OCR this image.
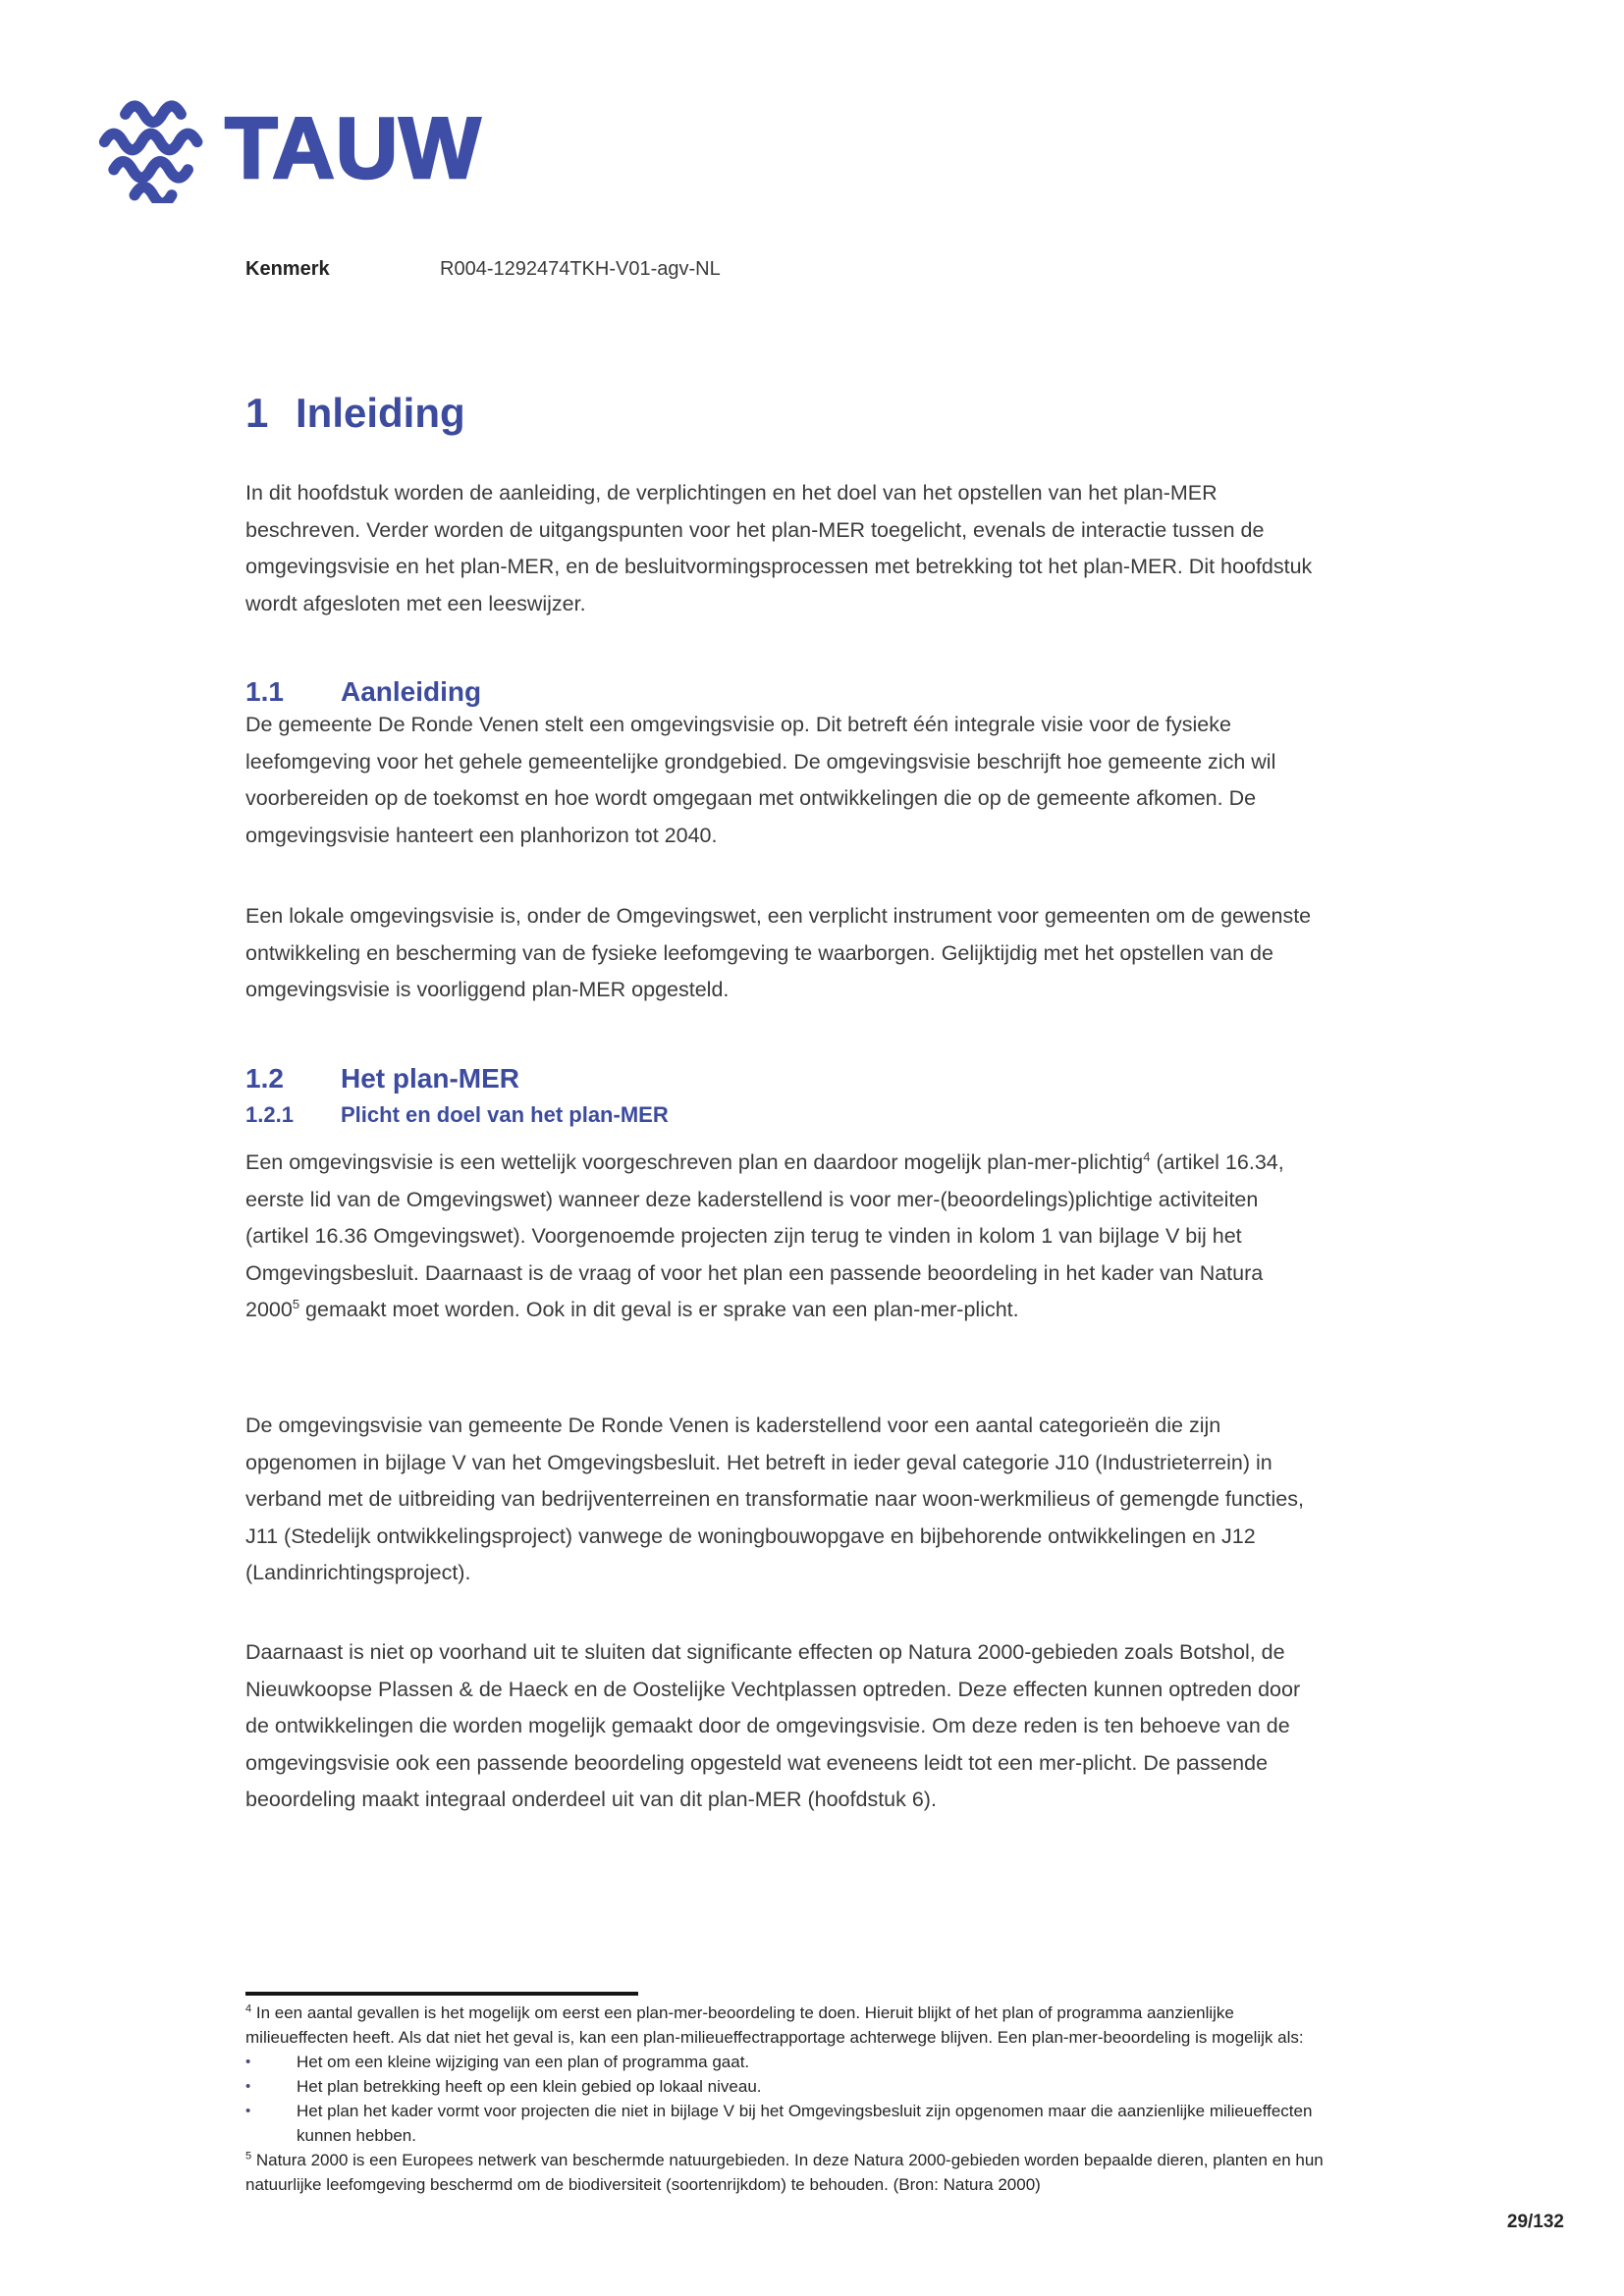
TAUW
Kenmerk	R004-1292474TKH-V01-agv-NL
1 Inleiding

In dit hoofdstuk worden de aanleiding, de verplichtingen en het doel van het opstellen van het plan-MER beschreven. Verder worden de uitgangspunten voor het plan-MER toegelicht, evenals de interactie tussen de omgevingsvisie en het plan-MER, en de besluitvormingsprocessen met betrekking tot het plan-MER. Dit hoofdstuk wordt afgesloten met een leeswijzer.

1.1 Aanleiding

De gemeente De Ronde Venen stelt een omgevingsvisie op. Dit betreft één integrale visie voor de fysieke leefomgeving voor het gehele gemeentelijke grondgebied. De omgevingsvisie beschrijft hoe gemeente zich wil voorbereiden op de toekomst en hoe wordt omgegaan met ontwikkelingen die op de gemeente afkomen. De omgevingsvisie hanteert een planhorizon tot 2040.

Een lokale omgevingsvisie is, onder de Omgevingswet, een verplicht instrument voor gemeenten om de gewenste ontwikkeling en bescherming van de fysieke leefomgeving te waarborgen. Gelijktijdig met het opstellen van de omgevingsvisie is voorliggend plan-MER opgesteld.

1.2 Het plan-MER
1.2.1 Plicht en doel van het plan-MER

Een omgevingsvisie is een wettelijk voorgeschreven plan en daardoor mogelijk plan-mer-plichtig$^4$ (artikel 16.34, eerste lid van de Omgevingswet) wanneer deze kaderstellend is voor mer-(beoordelings)plichtige activiteiten (artikel 16.36 Omgevingswet). Voorgenoemde projecten zijn terug te vinden in kolom 1 van bijlage V bij het Omgevingsbesluit. Daarnaast is de vraag of voor het plan een passende beoordeling in het kader van Natura 2000$^5$ gemaakt moet worden. Ook in dit geval is er sprake van een plan-mer-plicht.

De omgevingsvisie van gemeente De Ronde Venen is kaderstellend voor een aantal categorieën die zijn opgenomen in bijlage V van het Omgevingsbesluit. Het betreft in ieder geval categorie J10 (Industrieterrein) in verband met de uitbreiding van bedrijventerreinen en transformatie naar woon-werkmilieus of gemengde functies, J11 (Stedelijk ontwikkelingsproject) vanwege de woningbouwopgave en bijbehorende ontwikkelingen en J12 (Landinrichtingsproject).

Daarnaast is niet op voorhand uit te sluiten dat significante effecten op Natura 2000-gebieden zoals Botshol, de Nieuwkoopse Plassen & de Haeck en de Oostelijke Vechtplassen optreden. Deze effecten kunnen optreden door de ontwikkelingen die worden mogelijk gemaakt door de omgevingsvisie. Om deze reden is ten behoeve van de omgevingsvisie ook een passende beoordeling opgesteld wat eveneens leidt tot een mer-plicht. De passende beoordeling maakt integraal onderdeel uit van dit plan-MER (hoofdstuk 6).

$^4$ In een aantal gevallen is het mogelijk om eerst een plan-mer-beoordeling te doen. Hieruit blijkt of het plan of programma aanzienlijke milieueffecten heeft. Als dat niet het geval is, kan een plan-milieueffectrapportage achterwege blijven. Een plan-mer-beoordeling is mogelijk als:

•	Het om een kleine wijziging van een plan of programma gaat.
•	Het plan betrekking heeft op een klein gebied op lokaal niveau.
•	Het plan het kader vormt voor projecten die niet in bijlage V bij het Omgevingsbesluit zijn opgenomen maar die aanzienlijke milieueffecten kunnen hebben.

$^5$ Natura 2000 is een Europees netwerk van beschermde natuurgebieden. In deze Natura 2000-gebieden worden bepaalde dieren, planten en hun natuurlijke leefomgeving beschermd om de biodiversiteit (soortenrijkdom) te behouden. (Bron: Natura 2000)

29/132
